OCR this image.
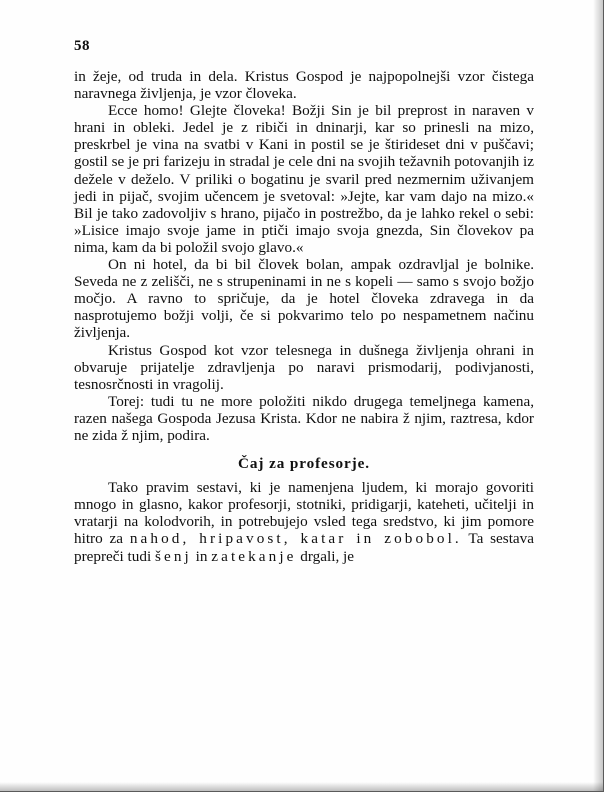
58

in žeje, od truda in dela. Kristus Gospod je najpopolnejši vzor čistega naravnega življenja, je vzor človeka.

Ecce homo! Glejte človeka! Božji Sin je bil preprost in naraven v hrani in obleki. Jedel je z ribiči in dninarji, kar so prinesli na mizo, preskrbel je vina na svatbi v Kani in postil se je štirideset dni v puščavi; gostil se je pri farizeju in stradal je cele dni na svojih težavnih potovanjih iz dežele v deželo. V priliki o bogatinu je svaril pred nezmernim uživanjem jedi in pijač, svojim učencem je svetoval: »Jejte, kar vam dajo na mizo.« Bil je tako zadovoljiv s hrano, pijačo in postrežbo, da je lahko rekel o sebi: »Lisice imajo svoje jame in ptiči imajo svoja gnezda, Sin človekov pa nima, kam da bi položil svojo glavo.«

On ni hotel, da bi bil človek bolan, ampak ozdravljal je bolnike. Seveda ne z zelišči, ne s strupeninami in ne s kopeli — samo s svojo božjo močjo. A ravno to spričuje, da je hotel človeka zdravega in da nasprotujemo božji volji, če si pokvarimo telo po nespametnem načinu življenja.

Kristus Gospod kot vzor telesnega in dušnega življenja ohrani in obvaruje prijatelje zdravljenja po naravi prismodarij, podivjanosti, tesnosrčnosti in vragolij.

Torej: tudi tu ne more položiti nikdo drugega temeljnega kamena, razen našega Gospoda Jezusa Krista. Kdor ne nabira ž njim, raztresa, kdor ne zida ž njim, podira.

Čaj za profesorje.

Tako pravim sestavi, ki je namenjena ljudem, ki morajo govoriti mnogo in glasno, kakor profesorji, stotniki, pridigarji, kateheti, učitelji in vratarji na kolodvorih, in potrebujejo vsled tega sredstvo, ki jim pomore hitro za nahod, hripavost, katar in zobobol. Ta sestava prepreči tudi šenj in zatekanje drgali, je
